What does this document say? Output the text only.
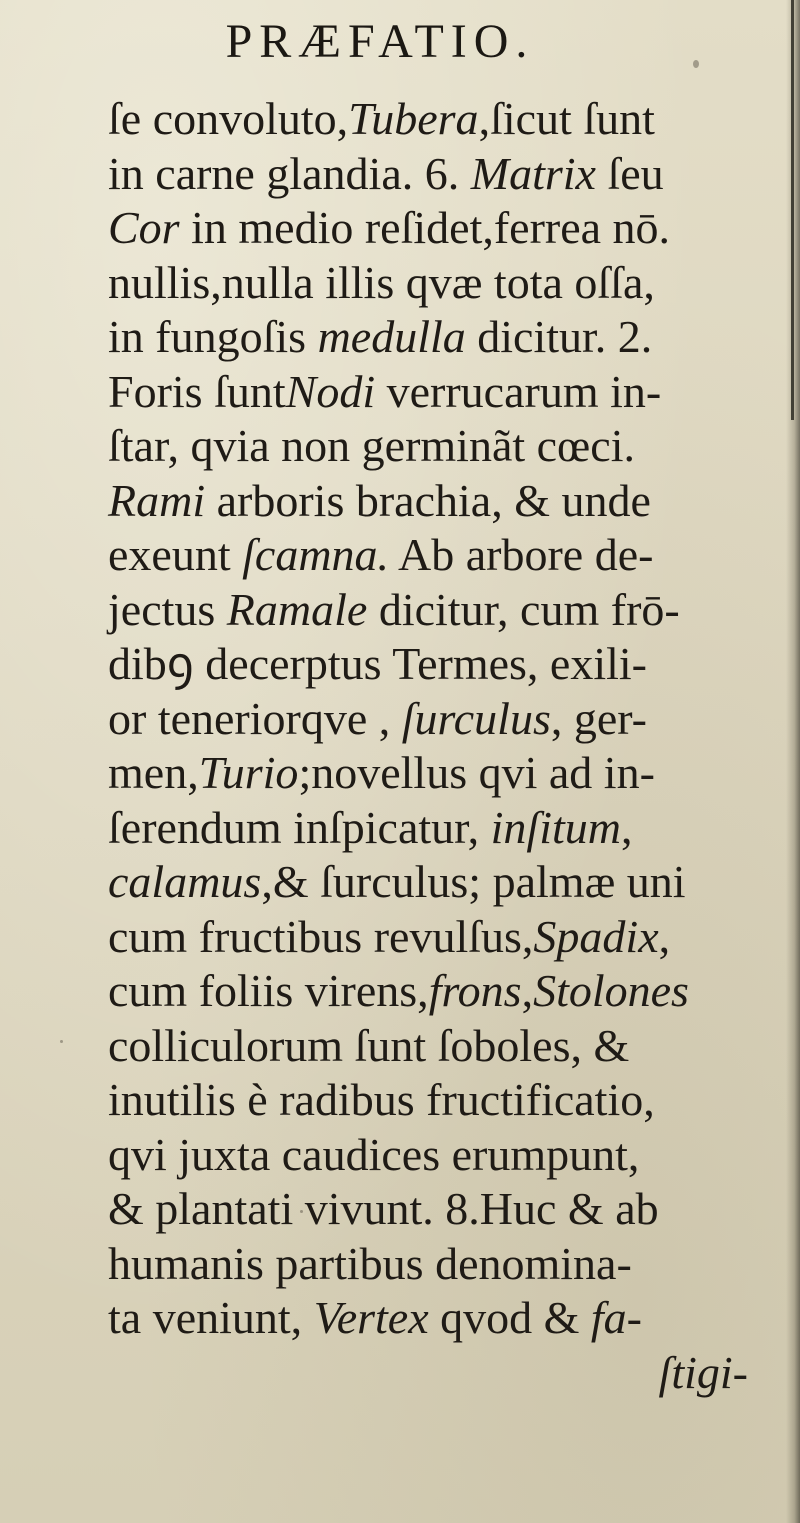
PRÆFATIO.
ſe convoluto,Tubera,ſicut ſunt
in carne glandia. 6. Matrix ſeu
Cor in medio reſidet,ferrea nō.
nullis,nulla illis qvæ tota oſſa,
in fungoſis medulla dicitur. 2.
Foris ſuntNodi verrucarum in-
ſtar, qvia non germinãt cœci.
Rami arboris brachia, & unde
exeunt ſcamna. Ab arbore de-
jectus Ramale dicitur, cum frō-
dibꝯ decerptus Termes, exili-
or teneriorqve , ſurculus, ger-
men,Turio;novellus qvi ad in-
ſerendum inſpicatur, inſitum,
calamus,& ſurculus; palmæ uni
cum fructibus revulſus,Spadix,
cum foliis virens,frons,Stolones
colliculorum ſunt ſoboles, &
inutilis è radibus fructificatio,
qvi juxta caudices erumpunt,
& plantati vivunt. 8.Huc & ab
humanis partibus denomina-
ta veniunt, Vertex qvod & fa-
ſtigi-
